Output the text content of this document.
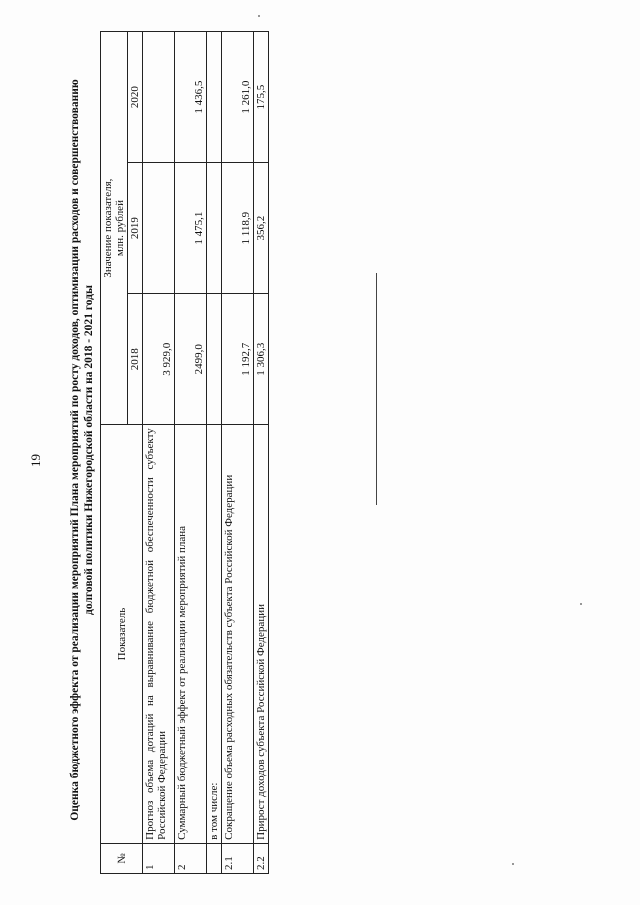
19 Оценка бюджетного эффекта от реализации мероприятий Плана мероприятий по росту доходов, оптимизации расходов и совершенствованию долговой политики Нижегородской области на 2018 - 2021 годы
№	Показатель	Значение показателя, млн. рублей		

		2018	2019	2020
1	Прогноз объема дотаций на выравнивание бюджетной обеспеченности субъекту Российской Федерации	3 929,0		
2	Суммарный бюджетный эффект от реализации мероприятий плана	2499,0	1 475,1	1 436,5
	в том числе:			
2.1	Сокращение объема расходных обязательств субъекта Российской Федерации	1 192,7	1 118,9	1 261,0
2.2	Прирост доходов субъекта Российской Федерации	1 306,3	356,2	175,5
